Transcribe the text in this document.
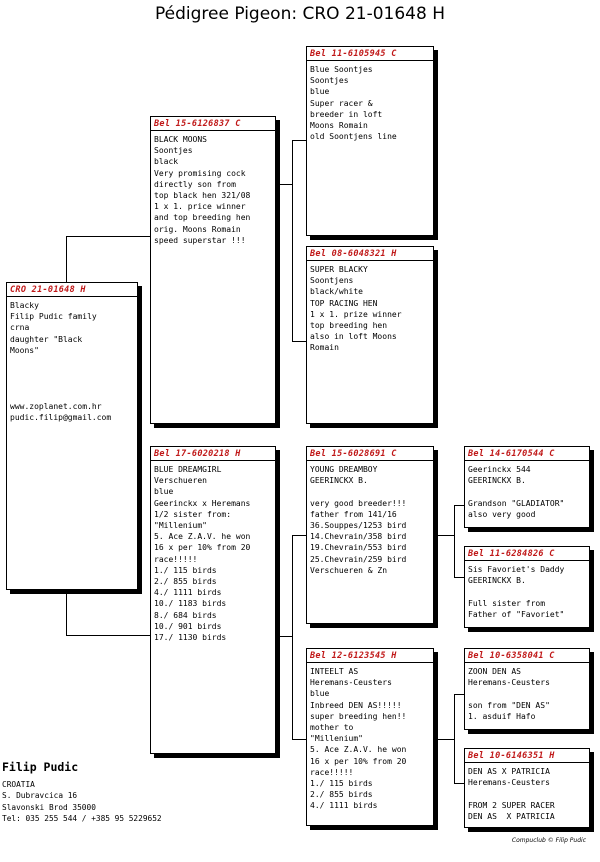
Pédigree Pigeon: CRO 21-01648 H
CRO 21-01648 H
Blacky
Filip Pudic family
crna
daughter "Black
Moons"

www.zoplanet.com.hr
pudic.filip@gmail.com
Bel 15-6126837 C
BLACK MOONS
Soontjes
black
Very promising cock
directly son from
top black hen 321/08
1 x 1. price winner
and top breeding hen
orig. Moons Romain
speed superstar !!!
Bel 17-6020218 H
BLUE DREAMGIRL
Verschueren
blue
Geerinckx x Heremans
1/2 sister from:
"Millenium"
5. Ace Z.A.V. he won
16 x per 10% from 20
race!!!!!
1./ 115 birds
2./ 855 birds
4./ 1111 birds
10./ 1183 birds
8./ 684 birds
10./ 901 birds
17./ 1130 birds
Bel 11-6105945 C
Blue Soontjes
Soontjes
blue
Super racer &
breeder in loft
Moons Romain
old Soontjens line
Bel 08-6048321 H
SUPER BLACKY
Soontjens
black/white
TOP RACING HEN
1 x 1. prize winner
top breeding hen
also in loft Moons
Romain
Bel 15-6028691 C
YOUNG DREAMBOY
GEERINCKX B.

very good breeder!!!
father from 141/16
36.Souppes/1253 bird
14.Chevrain/358 bird
19.Chevrain/553 bird
25.Chevrain/259 bird
Verschueren & Zn
Bel 12-6123545 H
INTEELT AS
Heremans-Ceusters
blue
Inbreed DEN AS!!!!!
super breeding hen!!
mother to
"Millenium"
5. Ace Z.A.V. he won
16 x per 10% from 20
race!!!!!
1./ 115 birds
2./ 855 birds
4./ 1111 birds
Bel 14-6170544 C
Geerinckx 544
GEERINCKX B.

Grandson "GLADIATOR"
also very good
Bel 11-6284826 C
Sis Favoriet's Daddy
GEERINCKX B.

Full sister from
Father of "Favoriet"
Bel 10-6358041 C
ZOON DEN AS
Heremans-Ceusters

son from "DEN AS"
1. asduif Hafo
Bel 10-6146351 H
DEN AS X PATRICIA
Heremans-Ceusters

FROM 2 SUPER RACER
DEN AS  X PATRICIA
Filip Pudic
CROATIA
S. Dubravcica 16
Slavonski Brod 35000
Tel: 035 255 544 / +385 95 5229652
Compuclub © Filip Pudic
